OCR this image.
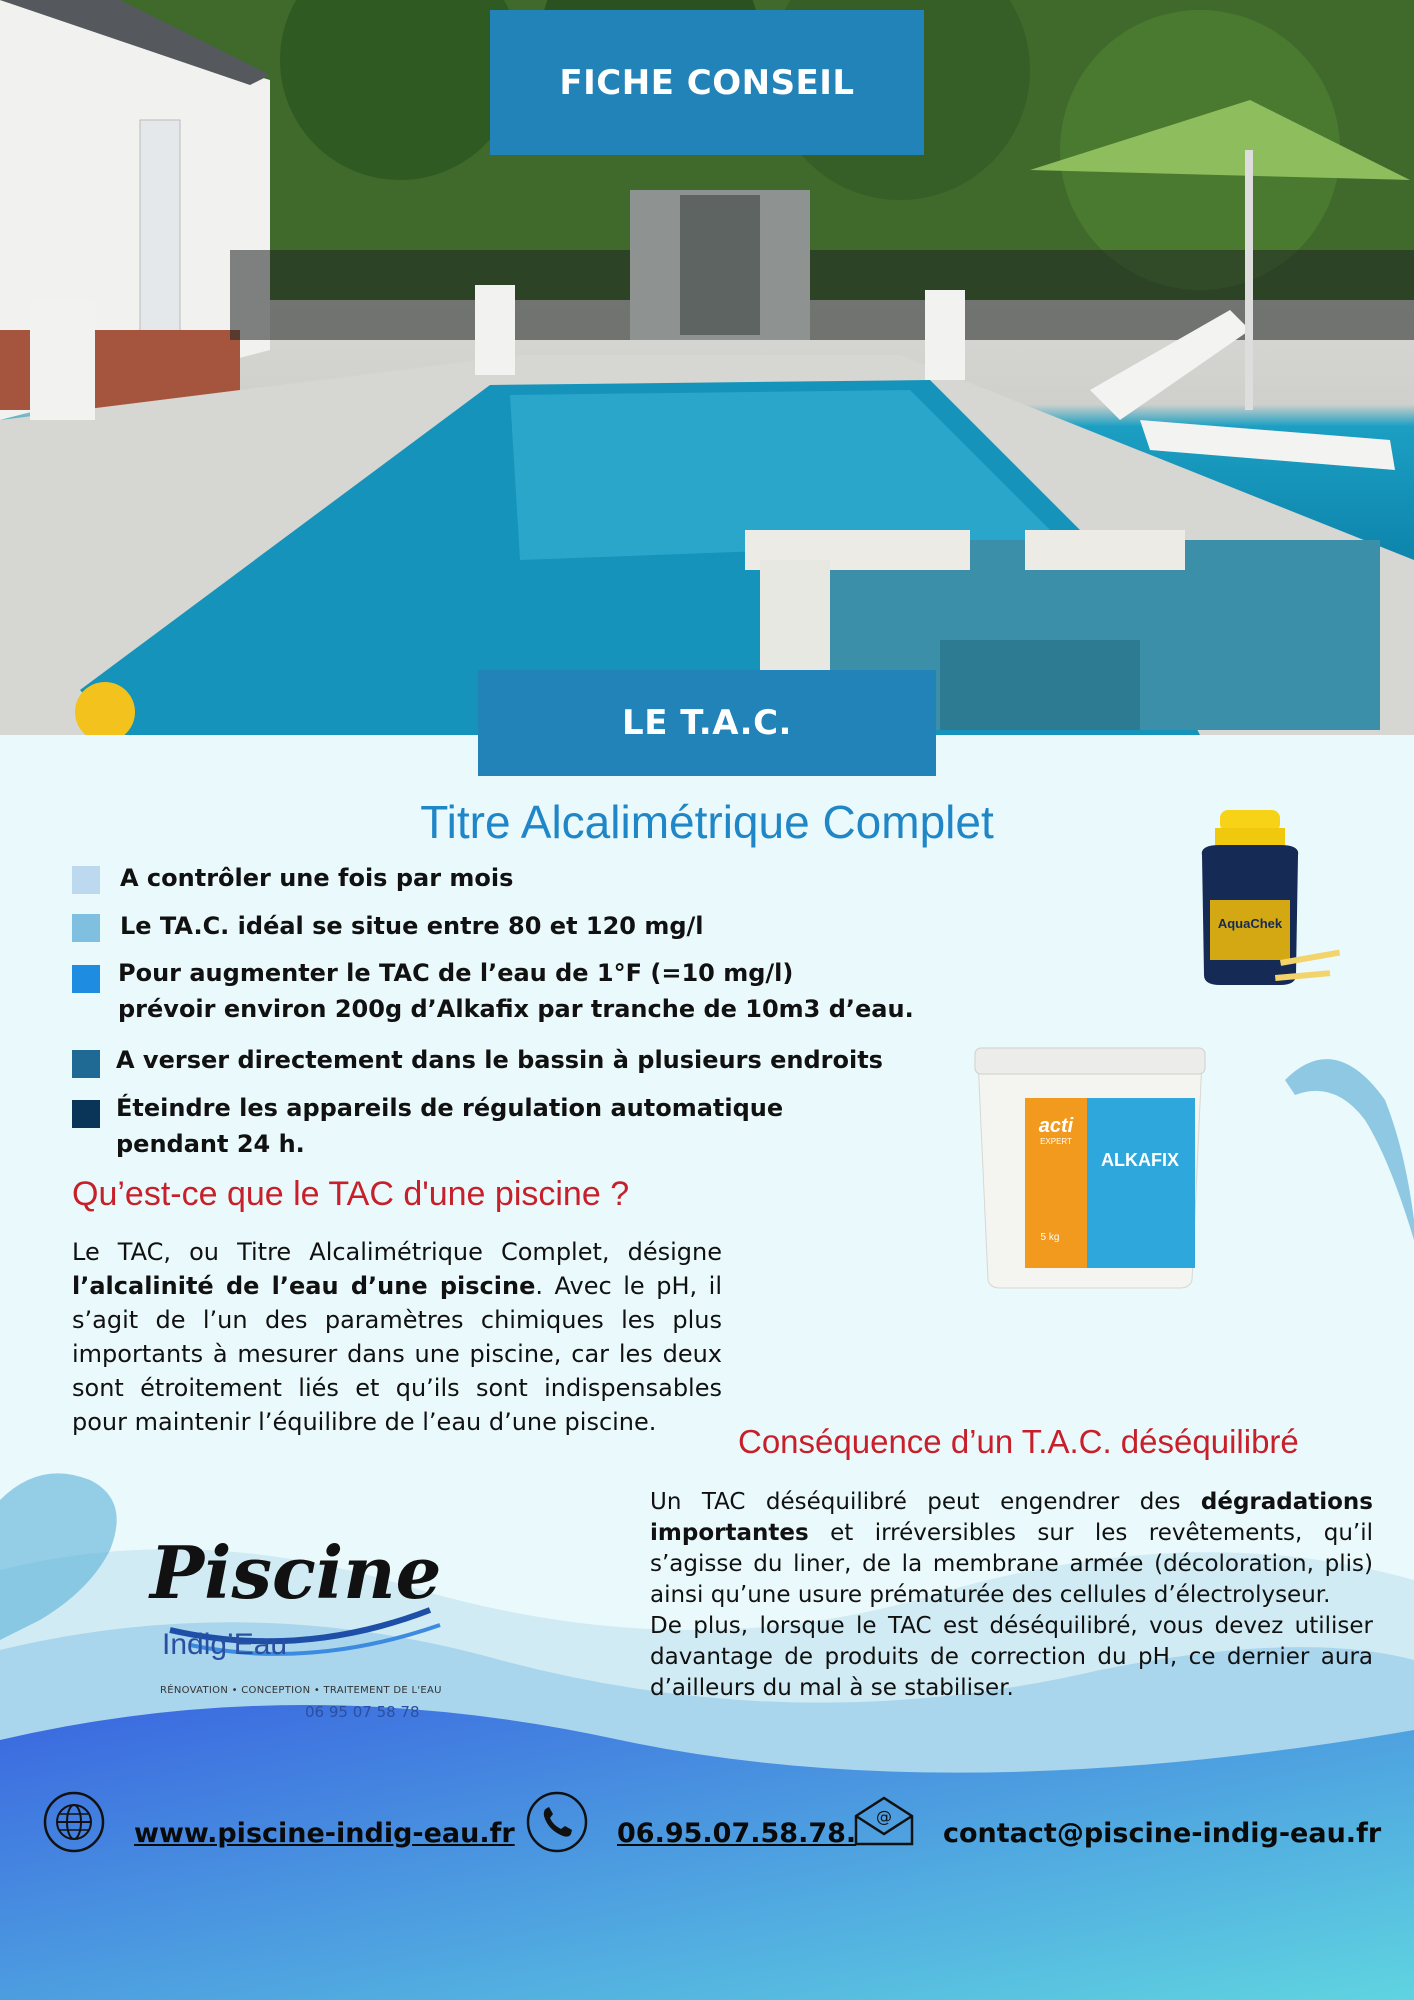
FICHE CONSEIL
LE T.A.C.
Titre Alcalimétrique Complet
A contrôler une fois par mois
Le TA.C. idéal se situe entre 80 et 120 mg/l
Pour augmenter le TAC de l’eau de 1°F (=10 mg/l)
prévoir environ 200g d’Alkafix par tranche de 10m3 d’eau.
A verser directement dans le bassin à plusieurs endroits
Éteindre les appareils de régulation automatique
pendant 24 h.
AquaChek
acti
EXPERT
ALKAFIX
5 kg
Qu’est-ce que le TAC d'une piscine ?
Le TAC, ou Titre Alcalimétrique Complet, désigne l’alcalinité de l’eau d’une piscine. Avec le pH, il s’agit de l’un des paramètres chimiques les plus importants à mesurer dans une piscine, car les deux sont étroitement liés et qu’ils sont indispensables pour maintenir l’équilibre de l’eau d’une piscine.
Conséquence d’un T.A.C. déséquilibré
Un TAC déséquilibré peut engendrer des dégradations importantes et irréversibles sur les revêtements, qu’il s’agisse du liner, de la membrane armée (décoloration, plis) ainsi qu’une usure prématurée des cellules d’électrolyseur.
De plus, lorsque le TAC est déséquilibré, vous devez utiliser davantage de produits de correction du pH, ce dernier aura d’ailleurs du mal à se stabiliser.
Piscine
Indig’Eau
RÉNOVATION • CONCEPTION • TRAITEMENT DE L'EAU
06 95 07 58 78
www.piscine-indig-eau.fr	06.95.07.58.78.
@
contact@piscine-indig-eau.fr
